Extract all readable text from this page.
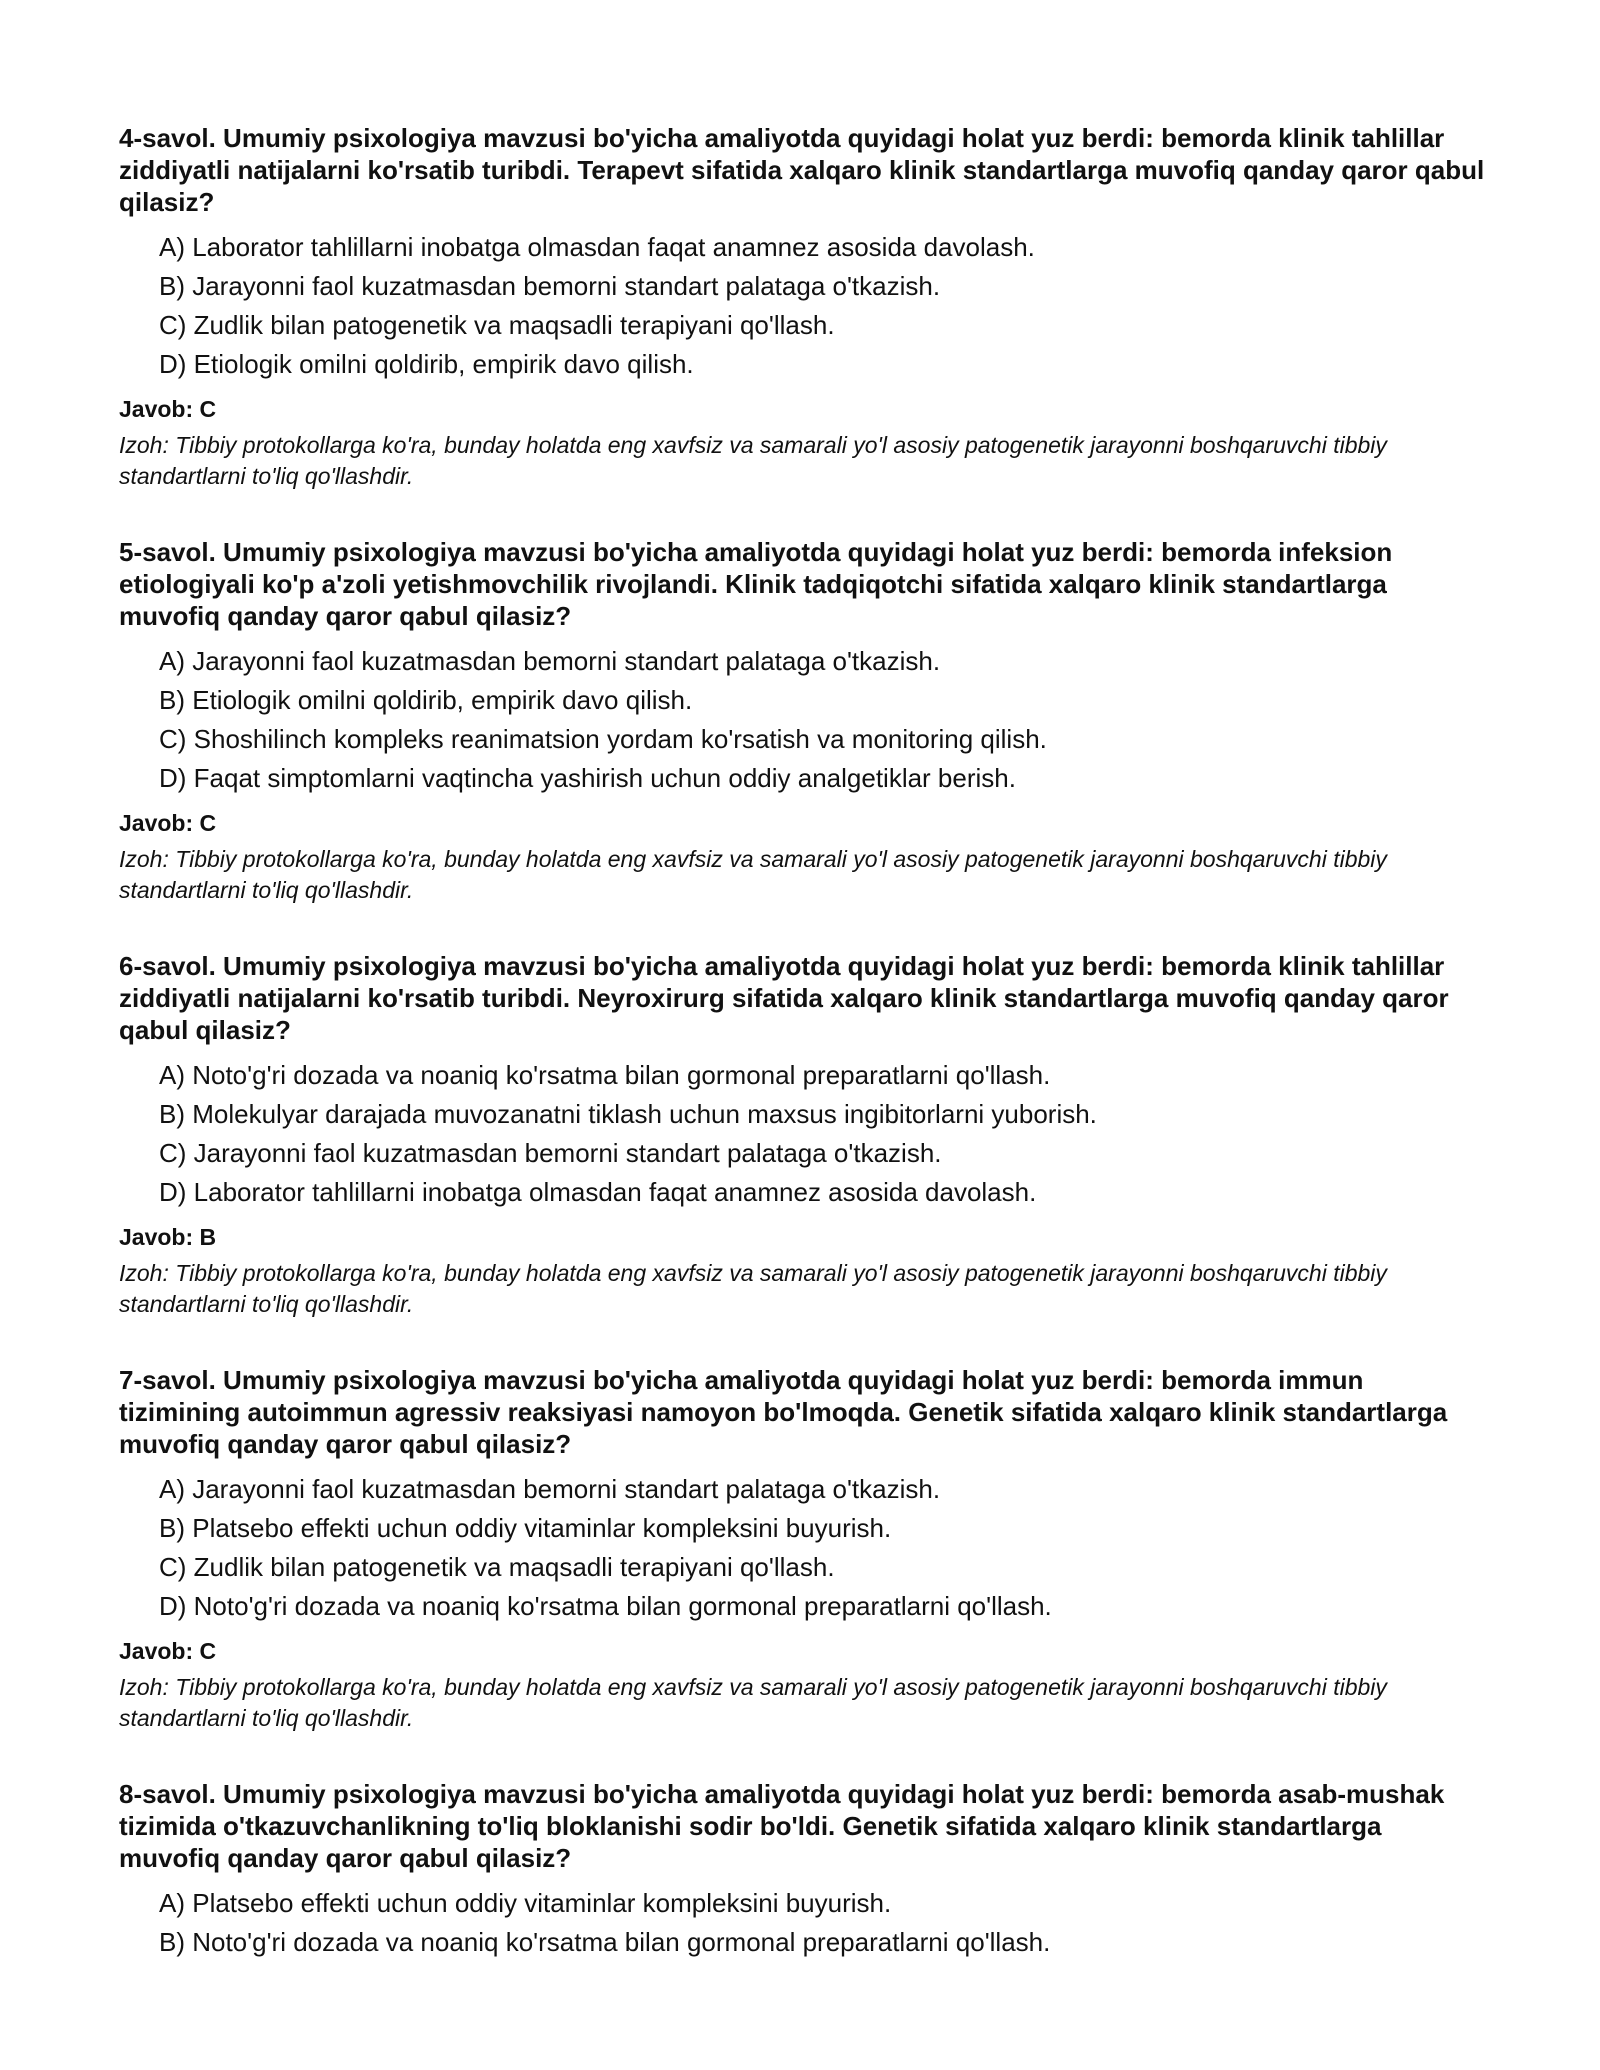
4-savol. Umumiy psixologiya mavzusi bo'yicha amaliyotda quyidagi holat yuz berdi: bemorda klinik tahlillar ziddiyatli natijalarni ko'rsatib turibdi. Terapevt sifatida xalqaro klinik standartlarga muvofiq qanday qaror qabul qilasiz?

A) Laborator tahlillarni inobatga olmasdan faqat anamnez asosida davolash.
B) Jarayonni faol kuzatmasdan bemorni standart palataga o'tkazish.
C) Zudlik bilan patogenetik va maqsadli terapiyani qo'llash.
D) Etiologik omilni qoldirib, empirik davo qilish.

Javob: C

Izoh: Tibbiy protokollarga ko'ra, bunday holatda eng xavfsiz va samarali yo'l asosiy patogenetik jarayonni boshqaruvchi tibbiy standartlarni to'liq qo'llashdir.

5-savol. Umumiy psixologiya mavzusi bo'yicha amaliyotda quyidagi holat yuz berdi: bemorda infeksion etiologiyali ko'p a'zoli yetishmovchilik rivojlandi. Klinik tadqiqotchi sifatida xalqaro klinik standartlarga muvofiq qanday qaror qabul qilasiz?

A) Jarayonni faol kuzatmasdan bemorni standart palataga o'tkazish.
B) Etiologik omilni qoldirib, empirik davo qilish.
C) Shoshilinch kompleks reanimatsion yordam ko'rsatish va monitoring qilish.
D) Faqat simptomlarni vaqtincha yashirish uchun oddiy analgetiklar berish.

Javob: C

Izoh: Tibbiy protokollarga ko'ra, bunday holatda eng xavfsiz va samarali yo'l asosiy patogenetik jarayonni boshqaruvchi tibbiy standartlarni to'liq qo'llashdir.

6-savol. Umumiy psixologiya mavzusi bo'yicha amaliyotda quyidagi holat yuz berdi: bemorda klinik tahlillar ziddiyatli natijalarni ko'rsatib turibdi. Neyroxirurg sifatida xalqaro klinik standartlarga muvofiq qanday qaror qabul qilasiz?

A) Noto'g'ri dozada va noaniq ko'rsatma bilan gormonal preparatlarni qo'llash.
B) Molekulyar darajada muvozanatni tiklash uchun maxsus ingibitorlarni yuborish.
C) Jarayonni faol kuzatmasdan bemorni standart palataga o'tkazish.
D) Laborator tahlillarni inobatga olmasdan faqat anamnez asosida davolash.

Javob: B

Izoh: Tibbiy protokollarga ko'ra, bunday holatda eng xavfsiz va samarali yo'l asosiy patogenetik jarayonni boshqaruvchi tibbiy standartlarni to'liq qo'llashdir.

7-savol. Umumiy psixologiya mavzusi bo'yicha amaliyotda quyidagi holat yuz berdi: bemorda immun tizimining autoimmun agressiv reaksiyasi namoyon bo'lmoqda. Genetik sifatida xalqaro klinik standartlarga muvofiq qanday qaror qabul qilasiz?

A) Jarayonni faol kuzatmasdan bemorni standart palataga o'tkazish.
B) Platsebo effekti uchun oddiy vitaminlar kompleksini buyurish.
C) Zudlik bilan patogenetik va maqsadli terapiyani qo'llash.
D) Noto'g'ri dozada va noaniq ko'rsatma bilan gormonal preparatlarni qo'llash.

Javob: C

Izoh: Tibbiy protokollarga ko'ra, bunday holatda eng xavfsiz va samarali yo'l asosiy patogenetik jarayonni boshqaruvchi tibbiy standartlarni to'liq qo'llashdir.

8-savol. Umumiy psixologiya mavzusi bo'yicha amaliyotda quyidagi holat yuz berdi: bemorda asab-mushak tizimida o'tkazuvchanlikning to'liq bloklanishi sodir bo'ldi. Genetik sifatida xalqaro klinik standartlarga muvofiq qanday qaror qabul qilasiz?

A) Platsebo effekti uchun oddiy vitaminlar kompleksini buyurish.
B) Noto'g'ri dozada va noaniq ko'rsatma bilan gormonal preparatlarni qo'llash.
